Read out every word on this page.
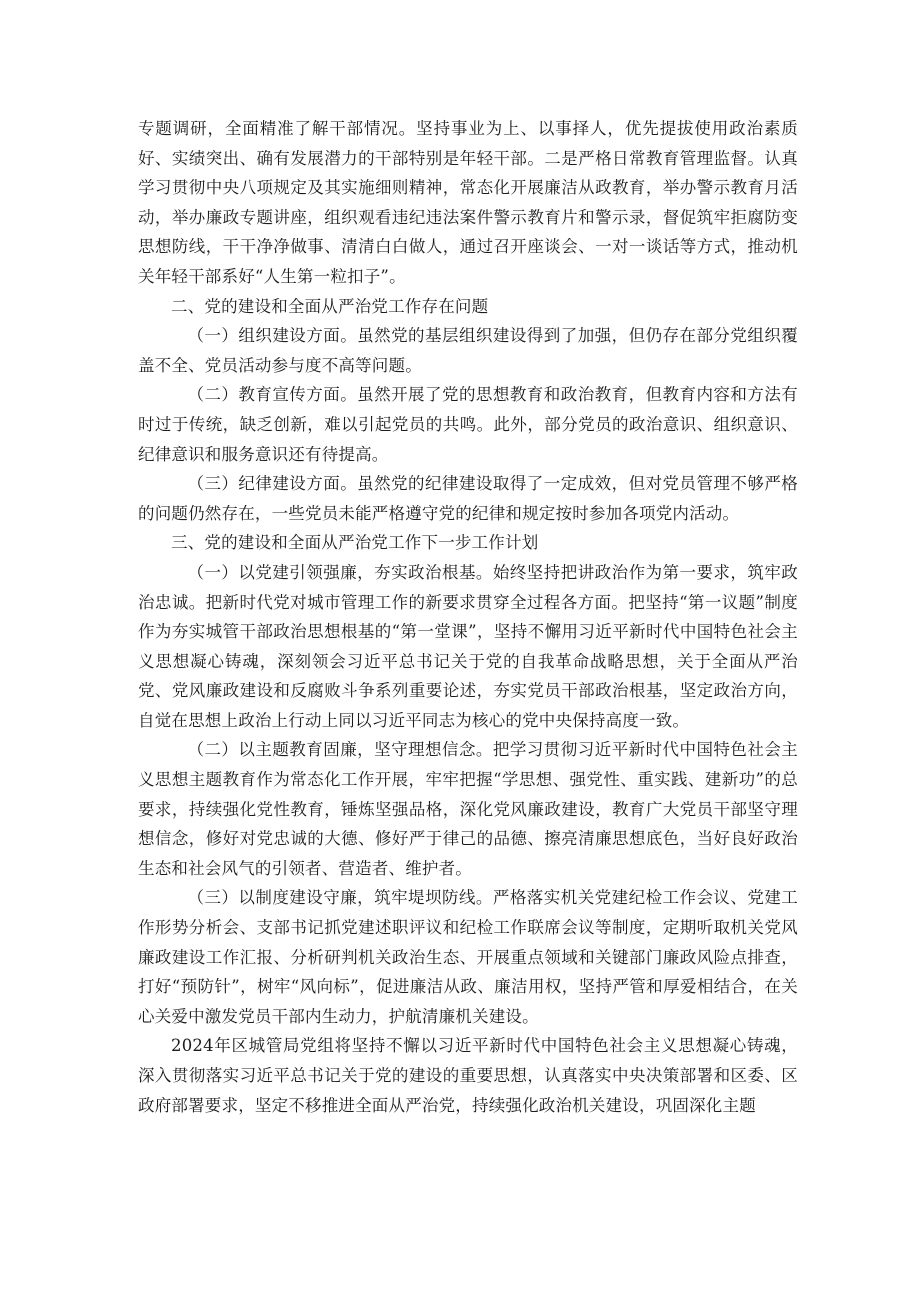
专题调研，全面精准了解干部情况。坚持事业为上、以事择人，优先提拔使用政治素质好、实绩突出、确有发展潜力的干部特别是年轻干部。二是严格日常教育管理监督。认真学习贯彻中央八项规定及其实施细则精神，常态化开展廉洁从政教育，举办警示教育月活动，举办廉政专题讲座，组织观看违纪违法案件警示教育片和警示录，督促筑牢拒腐防变思想防线，干干净净做事、清清白白做人，通过召开座谈会、一对一谈话等方式，推动机关年轻干部系好“人生第一粒扣子”。

二、党的建设和全面从严治党工作存在问题

（一）组织建设方面。虽然党的基层组织建设得到了加强，但仍存在部分党组织覆盖不全、党员活动参与度不高等问题。

（二）教育宣传方面。虽然开展了党的思想教育和政治教育，但教育内容和方法有时过于传统，缺乏创新，难以引起党员的共鸣。此外，部分党员的政治意识、组织意识、纪律意识和服务意识还有待提高。

（三）纪律建设方面。虽然党的纪律建设取得了一定成效，但对党员管理不够严格的问题仍然存在，一些党员未能严格遵守党的纪律和规定按时参加各项党内活动。

三、党的建设和全面从严治党工作下一步工作计划

（一）以党建引领强廉，夯实政治根基。始终坚持把讲政治作为第一要求，筑牢政治忠诚。把新时代党对城市管理工作的新要求贯穿全过程各方面。把坚持“第一议题”制度作为夯实城管干部政治思想根基的“第一堂课”，坚持不懈用习近平新时代中国特色社会主义思想凝心铸魂，深刻领会习近平总书记关于党的自我革命战略思想，关于全面从严治党、党风廉政建设和反腐败斗争系列重要论述，夯实党员干部政治根基，坚定政治方向，自觉在思想上政治上行动上同以习近平同志为核心的党中央保持高度一致。

（二）以主题教育固廉，坚守理想信念。把学习贯彻习近平新时代中国特色社会主义思想主题教育作为常态化工作开展，牢牢把握“学思想、强党性、重实践、建新功”的总要求，持续强化党性教育，锤炼坚强品格，深化党风廉政建设，教育广大党员干部坚守理想信念，修好对党忠诚的大德、修好严于律己的品德、擦亮清廉思想底色，当好良好政治生态和社会风气的引领者、营造者、维护者。

（三）以制度建设守廉，筑牢堤坝防线。严格落实机关党建纪检工作会议、党建工作形势分析会、支部书记抓党建述职评议和纪检工作联席会议等制度，定期听取机关党风廉政建设工作汇报、分析研判机关政治生态、开展重点领域和关键部门廉政风险点排查，打好“预防针”，树牢“风向标”，促进廉洁从政、廉洁用权，坚持严管和厚爱相结合，在关心关爱中激发党员干部内生动力，护航清廉机关建设。

2024年区城管局党组将坚持不懈以习近平新时代中国特色社会主义思想凝心铸魂，深入贯彻落实习近平总书记关于党的建设的重要思想，认真落实中央决策部署和区委、区政府部署要求，坚定不移推进全面从严治党，持续强化政治机关建设，巩固深化主题
